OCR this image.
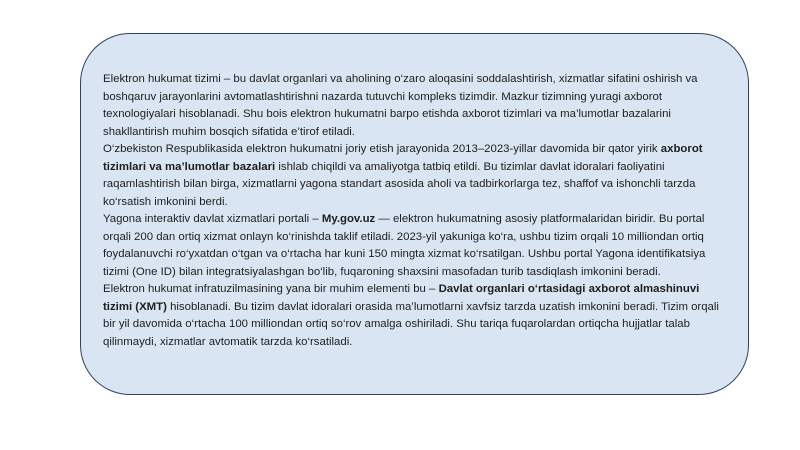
Elektron hukumat tizimi – bu davlat organlari va aholining o‘zaro aloqasini soddalashtirish, xizmatlar sifatini oshirish va boshqaruv jarayonlarini avtomatlashtirishni nazarda tutuvchi kompleks tizimdir. Mazkur tizimning yuragi axborot texnologiyalari hisoblanadi. Shu bois elektron hukumatni barpo etishda axborot tizimlari va ma’lumotlar bazalarini shakllantirish muhim bosqich sifatida e’tirof etiladi.

O‘zbekiston Respublikasida elektron hukumatni joriy etish jarayonida 2013–2023-yillar davomida bir qator yirik axborot tizimlari va ma’lumotlar bazalari ishlab chiqildi va amaliyotga tatbiq etildi. Bu tizimlar davlat idoralari faoliyatini raqamlashtirish bilan birga, xizmatlarni yagona standart asosida aholi va tadbirkorlarga tez, shaffof va ishonchli tarzda ko‘rsatish imkonini berdi.

Yagona interaktiv davlat xizmatlari portali – My.gov.uz — elektron hukumatning asosiy platformalaridan biridir. Bu portal orqali 200 dan ortiq xizmat onlayn ko‘rinishda taklif etiladi. 2023-yil yakuniga ko‘ra, ushbu tizim orqali 10 milliondan ortiq foydalanuvchi ro‘yxatdan o‘tgan va o‘rtacha har kuni 150 mingta xizmat ko‘rsatilgan. Ushbu portal Yagona identifikatsiya tizimi (One ID) bilan integratsiyalashgan bo‘lib, fuqaroning shaxsini masofadan turib tasdiqlash imkonini beradi.

Elektron hukumat infratuzilmasining yana bir muhim elementi bu – Davlat organlari o‘rtasidagi axborot almashinuvi tizimi (XMT) hisoblanadi. Bu tizim davlat idoralari orasida ma’lumotlarni xavfsiz tarzda uzatish imkonini beradi. Tizim orqali bir yil davomida o‘rtacha 100 milliondan ortiq so‘rov amalga oshiriladi. Shu tariqa fuqarolardan ortiqcha hujjatlar talab qilinmaydi, xizmatlar avtomatik tarzda ko‘rsatiladi.
